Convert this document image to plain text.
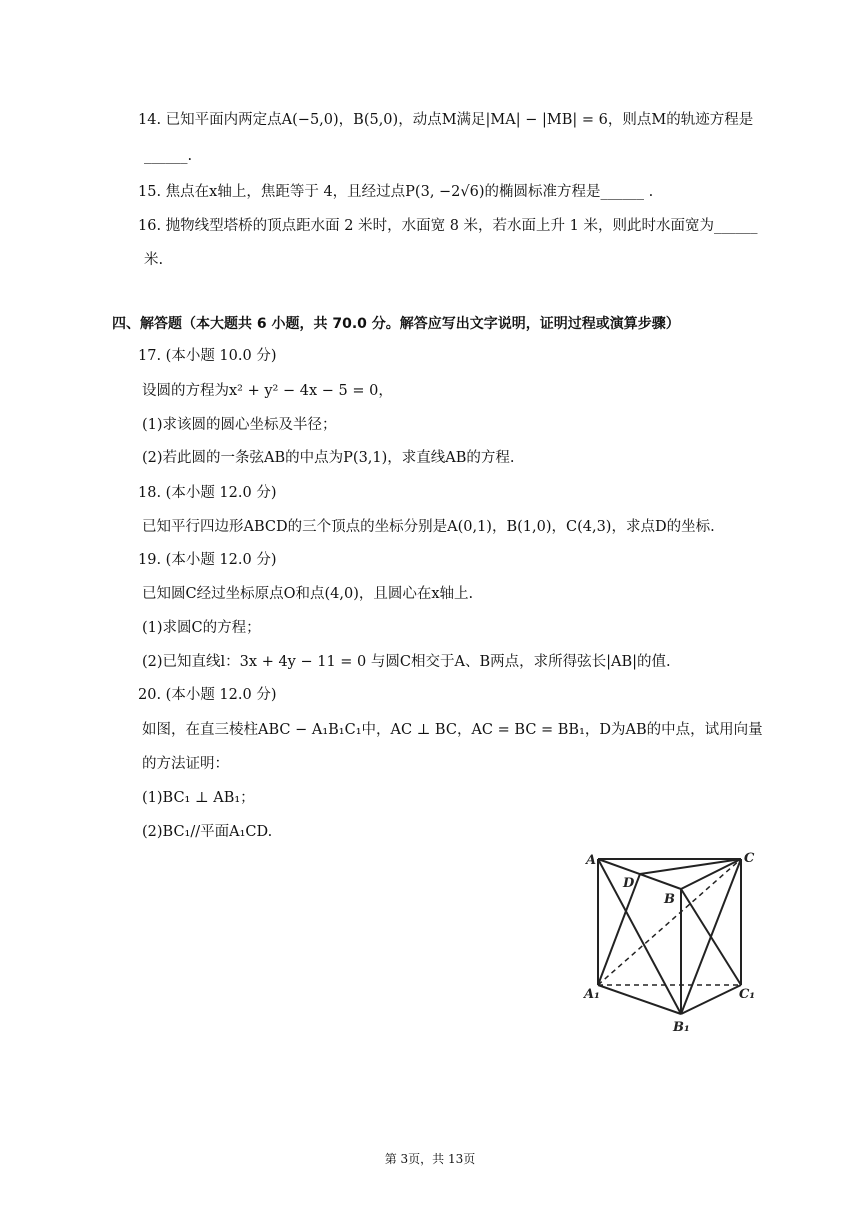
14. 已知平面内两定点A(−5,0)，B(5,0)，动点M满足|MA| − |MB| = 6，则点M的轨迹方程是
______.
15. 焦点在x轴上，焦距等于 4，且经过点P(3, −2√6)的椭圆标准方程是______ .
16. 抛物线型塔桥的顶点距水面 2 米时，水面宽 8 米，若水面上升 1 米，则此时水面宽为______
米.
四、解答题（本大题共 6 小题，共 70.0 分。解答应写出文字说明，证明过程或演算步骤）
17. (本小题 10.0 分)
设圆的方程为x² + y² − 4x − 5 = 0，
(1)求该圆的圆心坐标及半径；
(2)若此圆的一条弦AB的中点为P(3,1)，求直线AB的方程.
18. (本小题 12.0 分)
已知平行四边形ABCD的三个顶点的坐标分别是A(0,1)，B(1,0)，C(4,3)，求点D的坐标.
19. (本小题 12.0 分)
已知圆C经过坐标原点O和点(4,0)，且圆心在x轴上.
(1)求圆C的方程；
(2)已知直线l：3x + 4y − 11 = 0 与圆C相交于A、B两点，求所得弦长|AB|的值.
20. (本小题 12.0 分)
如图，在直三棱柱ABC − A₁B₁C₁中，AC ⊥ BC，AC = BC = BB₁，D为AB的中点，试用向量
的方法证明：
(1)BC₁ ⊥ AB₁；
(2)BC₁//平面A₁CD.
A	C
D
B
A₁	C₁
B₁
第 3页，共 13页
